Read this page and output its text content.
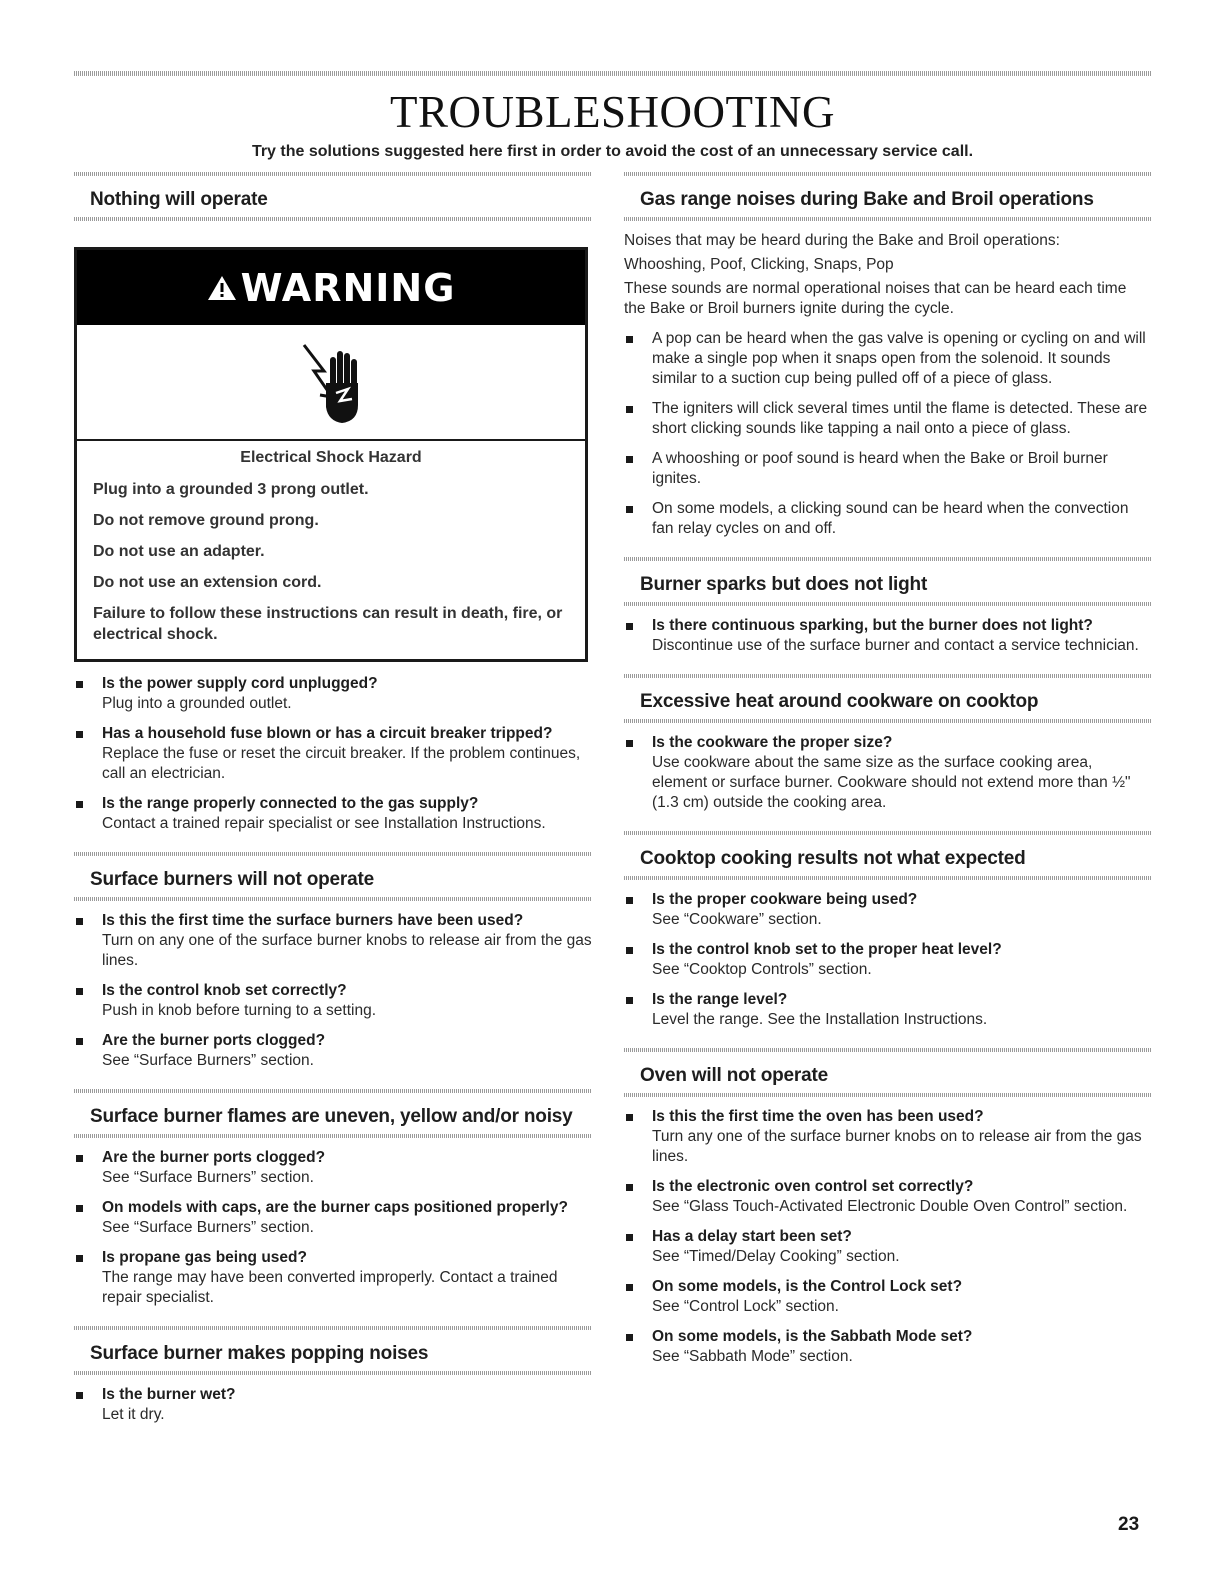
TROUBLESHOOTING
Try the solutions suggested here first in order to avoid the cost of an unnecessary service call.
Nothing will operate
WARNING
Electrical Shock Hazard

Plug into a grounded 3 prong outlet.

Do not remove ground prong.

Do not use an adapter.

Do not use an extension cord.

Failure to follow these instructions can result in death, fire, or electrical shock.

Is the power supply cord unplugged?
Plug into a grounded outlet.
Has a household fuse blown or has a circuit breaker tripped?
Replace the fuse or reset the circuit breaker. If the problem continues, call an electrician.
Is the range properly connected to the gas supply?
Contact a trained repair specialist or see Installation Instructions.
Surface burners will not operate
Is this the first time the surface burners have been used?
Turn on any one of the surface burner knobs to release air from the gas lines.
Is the control knob set correctly?
Push in knob before turning to a setting.
Are the burner ports clogged?
See “Surface Burners” section.
Surface burner flames are uneven, yellow and/or noisy
Are the burner ports clogged?
See “Surface Burners” section.
On models with caps, are the burner caps positioned properly?
See “Surface Burners” section.
Is propane gas being used?
The range may have been converted improperly. Contact a trained repair specialist.
Surface burner makes popping noises
Is the burner wet?
Let it dry.
Gas range noises during Bake and Broil operations
Noises that may be heard during the Bake and Broil operations:
Whooshing, Poof, Clicking, Snaps, Pop
These sounds are normal operational noises that can be heard each time the Bake or Broil burners ignite during the cycle.
A pop can be heard when the gas valve is opening or cycling on and will make a single pop when it snaps open from the solenoid. It sounds similar to a suction cup being pulled off of a piece of glass.
The igniters will click several times until the flame is detected. These are short clicking sounds like tapping a nail onto a piece of glass.
A whooshing or poof sound is heard when the Bake or Broil burner ignites.
On some models, a clicking sound can be heard when the convection fan relay cycles on and off.
Burner sparks but does not light
Is there continuous sparking, but the burner does not light?
Discontinue use of the surface burner and contact a service technician.
Excessive heat around cookware on cooktop
Is the cookware the proper size?
Use cookware about the same size as the surface cooking area, element or surface burner. Cookware should not extend more than ½" (1.3 cm) outside the cooking area.
Cooktop cooking results not what expected
Is the proper cookware being used?
See “Cookware” section.
Is the control knob set to the proper heat level?
See “Cooktop Controls” section.
Is the range level?
Level the range. See the Installation Instructions.
Oven will not operate
Is this the first time the oven has been used?
Turn any one of the surface burner knobs on to release air from the gas lines.
Is the electronic oven control set correctly?
See “Glass Touch-Activated Electronic Double Oven Control” section.
Has a delay start been set?
See “Timed/Delay Cooking” section.
On some models, is the Control Lock set?
See “Control Lock” section.
On some models, is the Sabbath Mode set?
See “Sabbath Mode” section.
23
